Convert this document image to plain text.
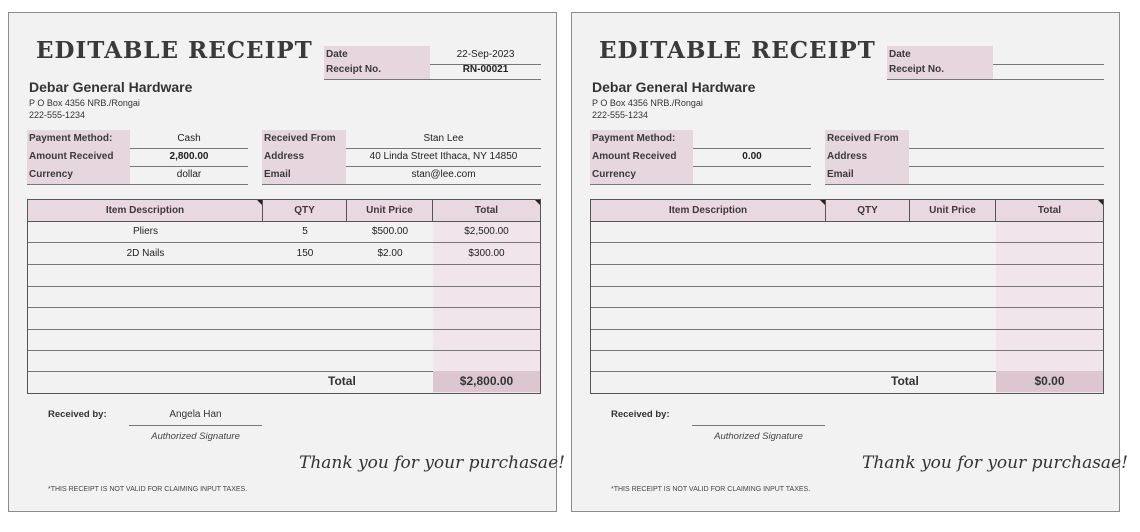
EDITABLE RECEIPT
Debar General Hardware
P O Box 4356 NRB./Rongai
222-555-1234
Date	22-Sep-2023
Receipt No.	RN-00021
Payment Method:	Cash
Amount Received	2,800.00
Currency	dollar
Received From	Stan Lee
Address	40 Linda Street Ithaca, NY 14850
Email	stan@lee.com
Item Description	QTY	Unit Price	Total
Pliers	5	$500.00	$2,500.00
2D Nails	150	$2.00	$300.00
Total	$2,800.00
Received by:	Angela Han
Authorized Signature
Thank you for your purchasae!
*THIS RECEIPT IS NOT VALID FOR CLAIMING INPUT TAXES.
EDITABLE RECEIPT
Debar General Hardware
P O Box 4356 NRB./Rongai
222-555-1234
Date
Receipt No.
Payment Method:
Amount Received	0.00
Currency
Received From
Address
Email
Item Description	QTY	Unit Price	Total
Total	$0.00
Received by:
Authorized Signature
Thank you for your purchasae!
*THIS RECEIPT IS NOT VALID FOR CLAIMING INPUT TAXES.
